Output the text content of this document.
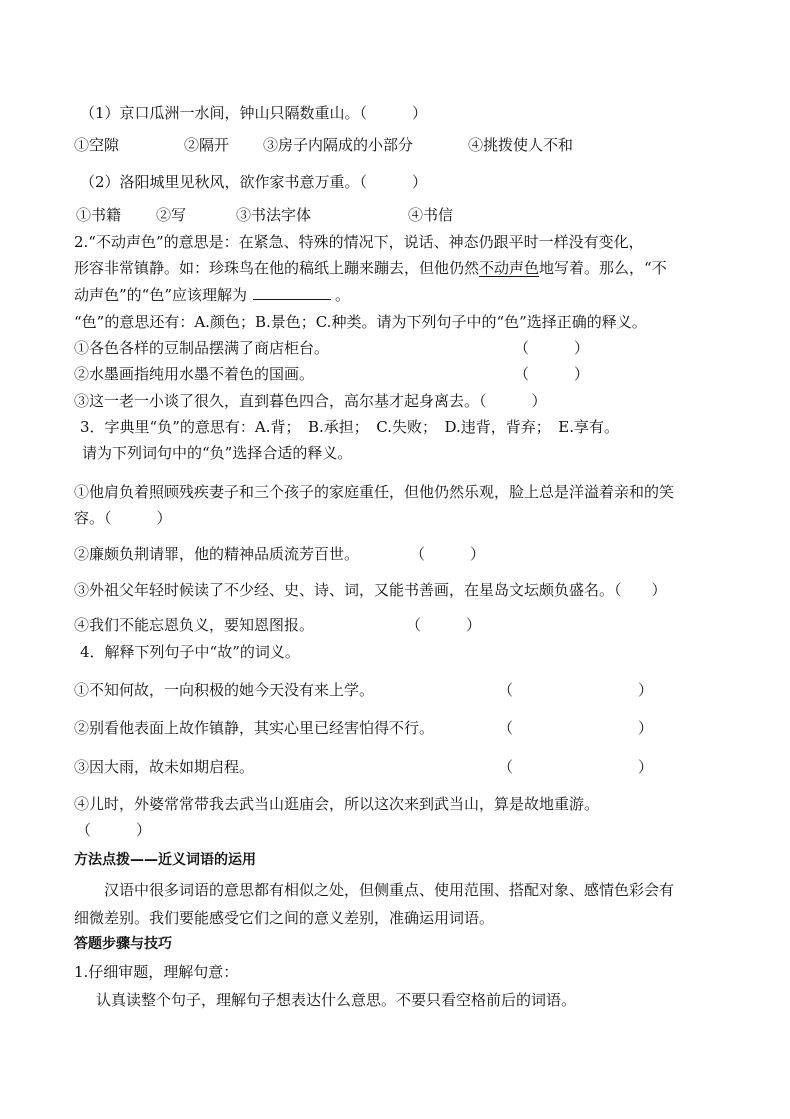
（1）京口瓜洲一水间，钟山只隔数重山。（　　　）
①空隙	②隔开 ③房子内隔成的小部分	④挑拨使人不和
（2）洛阳城里见秋风，欲作家书意万重。（　　　）
①书籍 ②写	③书法字体	④书信
2.“不动声色”的意思是：在紧急、特殊的情况下，说话、神态仍跟平时一样没有变化，
形容非常镇静。如：珍珠鸟在他的稿纸上蹦来蹦去，但他仍然不动声色地写着。那么，“不
动声色”的“色”应该理解为	。
“色”的意思还有：A.颜色；B.景色；C.种类。请为下列句子中的“色”选择正确的释义。
①各色各样的豆制品摆满了商店柜台。	（　　　）
②水墨画指纯用水墨不着色的国画。	（　　　）
③这一老一小谈了很久，直到暮色四合，高尔基才起身离去。（　　　）
3．字典里“负”的意思有：A.背；　B.承担；　C.失败；　D.违背，背弃；　E.享有。
请为下列词句中的“负”选择合适的释义。
①他肩负着照顾残疾妻子和三个孩子的家庭重任，但他仍然乐观，脸上总是洋溢着亲和的笑
容。（　　　）
②廉颇负荆请罪，他的精神品质流芳百世。	（　　　）
③外祖父年轻时候读了不少经、史、诗、词，又能书善画，在星岛文坛颇负盛名。（　　）
④我们不能忘恩负义，要知恩图报。	（　　　）
4．解释下列句子中“故”的词义。
①不知何故，一向积极的她今天没有来上学。	（	）
②别看他表面上故作镇静，其实心里已经害怕得不行。	（	）
③因大雨，故未如期启程。	（	）
④儿时，外婆常常带我去武当山逛庙会，所以这次来到武当山，算是故地重游。
（　　　）
方法点拨——近义词语的运用
汉语中很多词语的意思都有相似之处，但侧重点、使用范围、搭配对象、感情色彩会有
细微差别。我们要能感受它们之间的意义差别，准确运用词语。
答题步骤与技巧
1.仔细审题，理解句意：
认真读整个句子，理解句子想表达什么意思。不要只看空格前后的词语。
